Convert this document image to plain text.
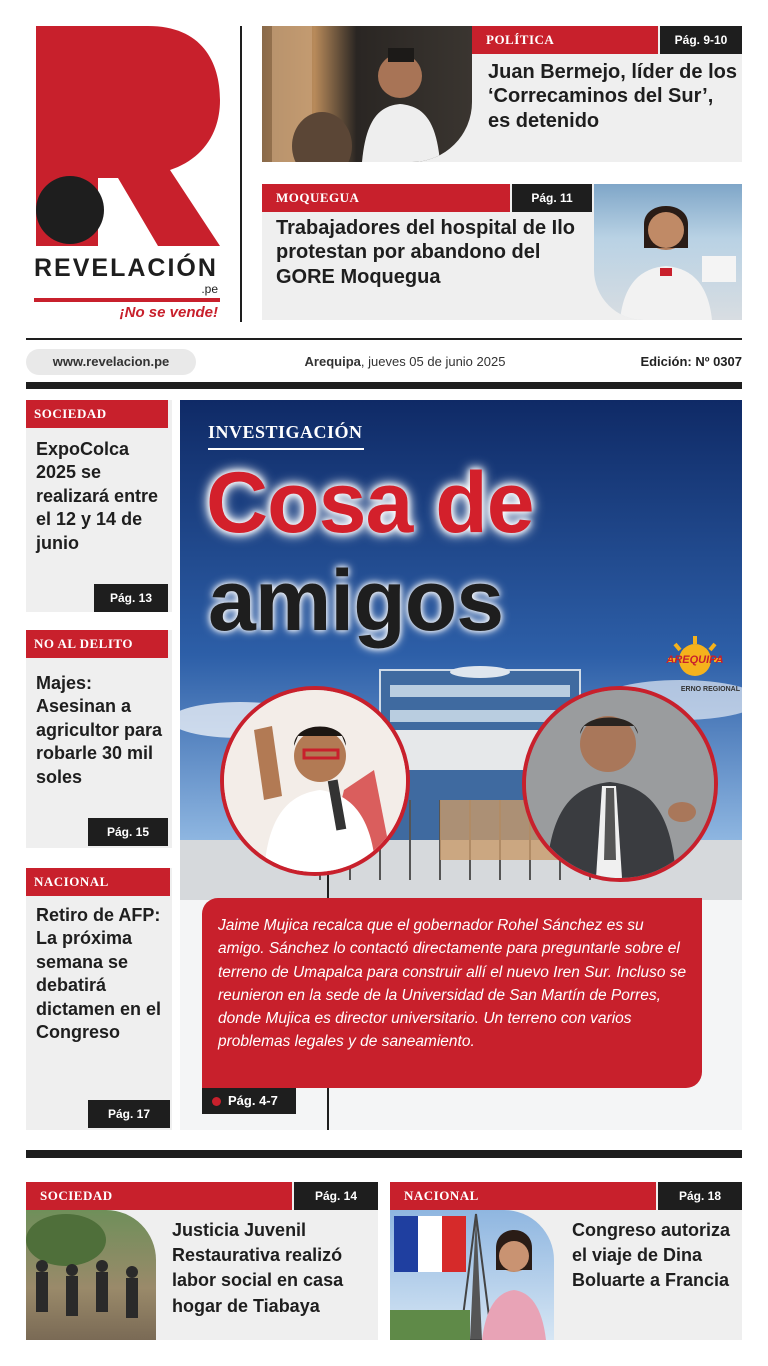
REVELACIÓN
.pe
¡No se vende!
POLÍTICA	Pág. 9-10
Juan Bermejo, líder de los ‘Correcaminos del Sur’, es detenido
MOQUEGUA	Pág. 11
Trabajadores del hospital de Ilo protestan por abandono del GORE Moquegua
www.revelacion.pe	Arequipa, jueves 05 de junio 2025	Edición: Nº 0307
SOCIEDAD
ExpoColca 2025 se realizará entre el 12 y 14 de junio
Pág. 13
NO AL DELITO
Majes: Asesinan a agricultor para robarle 30 mil soles
Pág. 15
NACIONAL
Retiro de AFP: La próxima semana se debatirá dictamen en el Congreso
Pág. 17
INVESTIGACIÓN
Cosa de
amigos
AREQUIPA
ERNO REGIONAL
Jaime Mujica recalca que el gobernador Rohel Sánchez es su amigo. Sánchez lo contactó directamente para preguntarle sobre el terreno de Umapalca para construir allí el nuevo Iren Sur. Incluso se reunieron en la sede de la Universidad de San Martín de Porres, donde Mujica es director universitario. Un terreno con varios problemas legales y de saneamiento.
Pág. 4-7
SOCIEDAD	Pág. 14
Justicia Juvenil Restaurativa realizó labor social en casa hogar de Tiabaya
NACIONAL	Pág. 18
Congreso autoriza el viaje de Dina Boluarte a Francia
